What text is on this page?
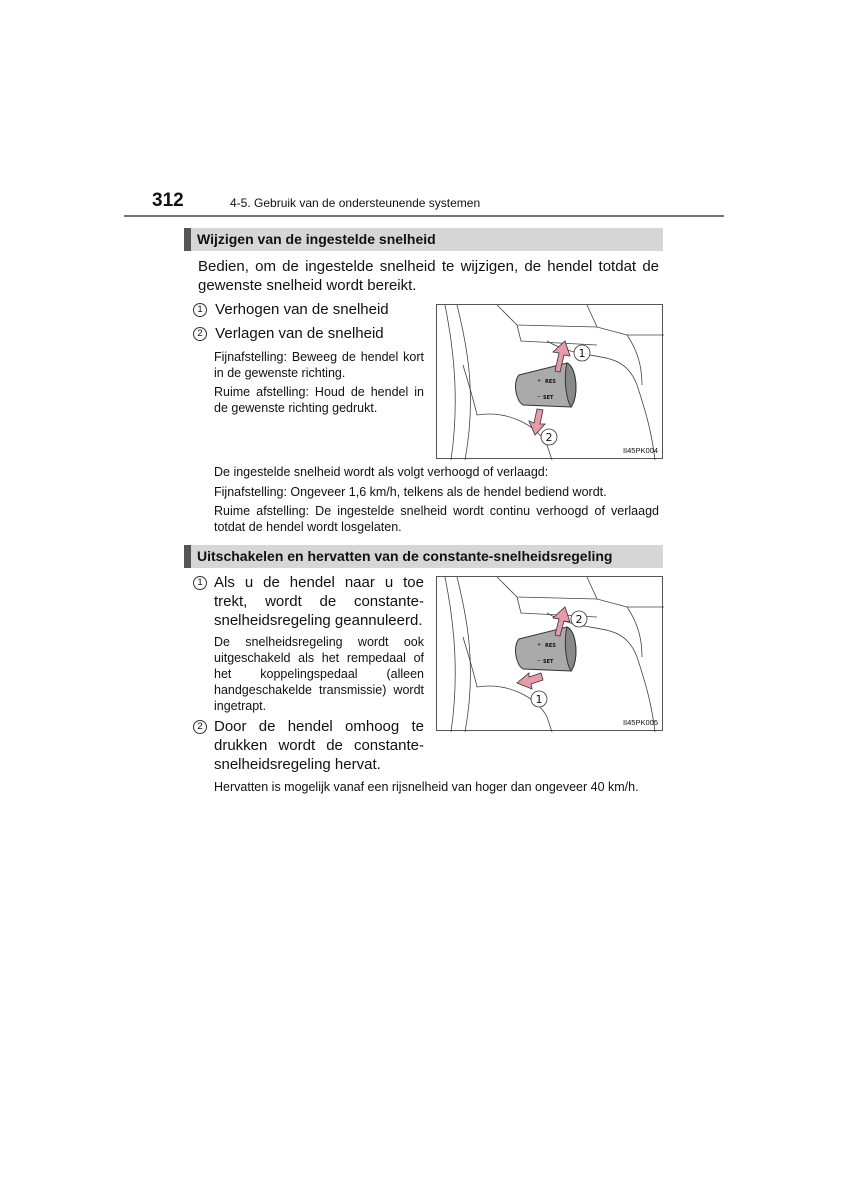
312	4-5. Gebruik van de ondersteunende systemen
Wijzigen van de ingestelde snelheid
Bedien, om de ingestelde snelheid te wijzigen, de hendel totdat de gewenste snelheid wordt bereikt.
1 Verhogen van de snelheid
2 Verlagen van de snelheid
Fijnafstelling: Beweeg de hendel kort in de gewenste richting.
Ruime afstelling: Houd de hendel in de gewenste richting gedrukt.
+ RES
− SET
1
2
II45PK004
De ingestelde snelheid wordt als volgt verhoogd of verlaagd:
Fijnafstelling: Ongeveer 1,6 km/h, telkens als de hendel bediend wordt.
Ruime afstelling: De ingestelde snelheid wordt continu verhoogd of verlaagd totdat de hendel wordt losgelaten.
Uitschakelen en hervatten van de constante-snelheidsregeling
1 Als u de hendel naar u toe trekt, wordt de constante-snelheidsregeling geannuleerd.
De snelheidsregeling wordt ook uitgeschakeld als het rempedaal of het koppelingspedaal (alleen handgeschakelde transmissie) wordt ingetrapt.
2 Door de hendel omhoog te drukken wordt de constante-snelheidsregeling hervat.
+ RES
− SET
2
1
II45PK005
Hervatten is mogelijk vanaf een rijsnelheid van hoger dan ongeveer 40 km/h.
